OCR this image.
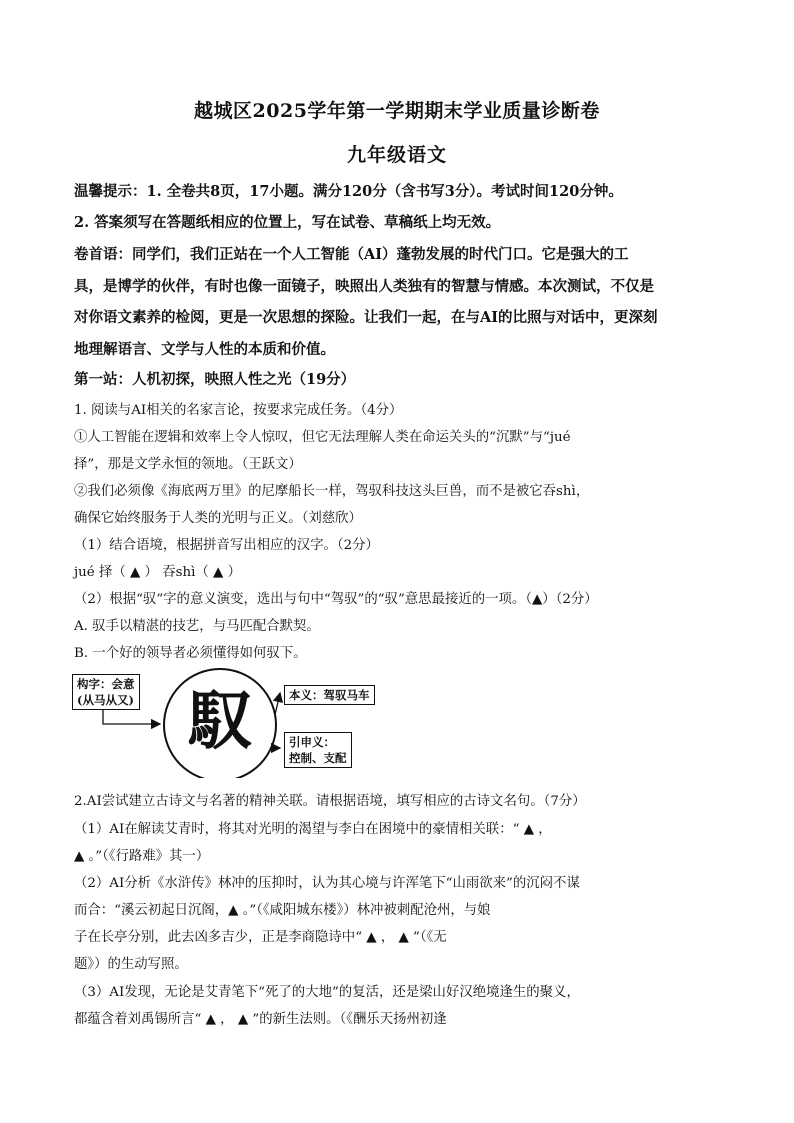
越城区2025学年第一学期期末学业质量诊断卷
九年级语文
温馨提示：1. 全卷共8页，17小题。满分120分（含书写3分）。考试时间120分钟。
2. 答案须写在答题纸相应的位置上，写在试卷、草稿纸上均无效。
卷首语：同学们，我们正站在一个人工智能（AI）蓬勃发展的时代门口。它是强大的工
具，是博学的伙伴，有时也像一面镜子，映照出人类独有的智慧与情感。本次测试，不仅是
对你语文素养的检阅，更是一次思想的探险。让我们一起，在与AI的比照与对话中，更深刻
地理解语言、文学与人性的本质和价值。
第一站：人机初探，映照人性之光（19分）
1. 阅读与AI相关的名家言论，按要求完成任务。（4分）
①人工智能在逻辑和效率上令人惊叹，但它无法理解人类在命运关头的“沉默”与“jué
择”，那是文学永恒的领地。（王跃文）
②我们必须像《海底两万里》的尼摩船长一样，驾驭科技这头巨兽，而不是被它吞shì，
确保它始终服务于人类的光明与正义。（刘慈欣）
（1）结合语境，根据拼音写出相应的汉字。（2分）
jué 择（ ▲ ） 吞shì（ ▲ ）
（2）根据“驭”字的意义演变，选出与句中“驾驭”的“驭”意思最接近的一项。（▲）（2分）
A. 驭手以精湛的技艺，与马匹配合默契。
B. 一个好的领导者必须懂得如何驭下。
构字：会意
(从马从又) 馭	本义：驾驭马车
引申义：
控制、支配
2.AI尝试建立古诗文与名著的精神关联。请根据语境，填写相应的古诗文名句。（7分）
（1）AI在解读艾青时，将其对光明的渴望与李白在困境中的豪情相关联：“ ▲ ，
▲ 。”（《行路难》其一）
（2）AI分析《水浒传》林冲的压抑时，认为其心境与许浑笔下“山雨欲来”的沉闷不谋
而合：“溪云初起日沉阁，▲ 。”（《咸阳城东楼》）林冲被刺配沧州，与娘
子在长亭分别，此去凶多吉少，正是李商隐诗中“ ▲ ， ▲ ”（《无
题》）的生动写照。
（3）AI发现，无论是艾青笔下“死了的大地”的复活，还是梁山好汉绝境逢生的聚义，
都蕴含着刘禹锡所言“ ▲ ， ▲ ”的新生法则。（《酬乐天扬州初逢
